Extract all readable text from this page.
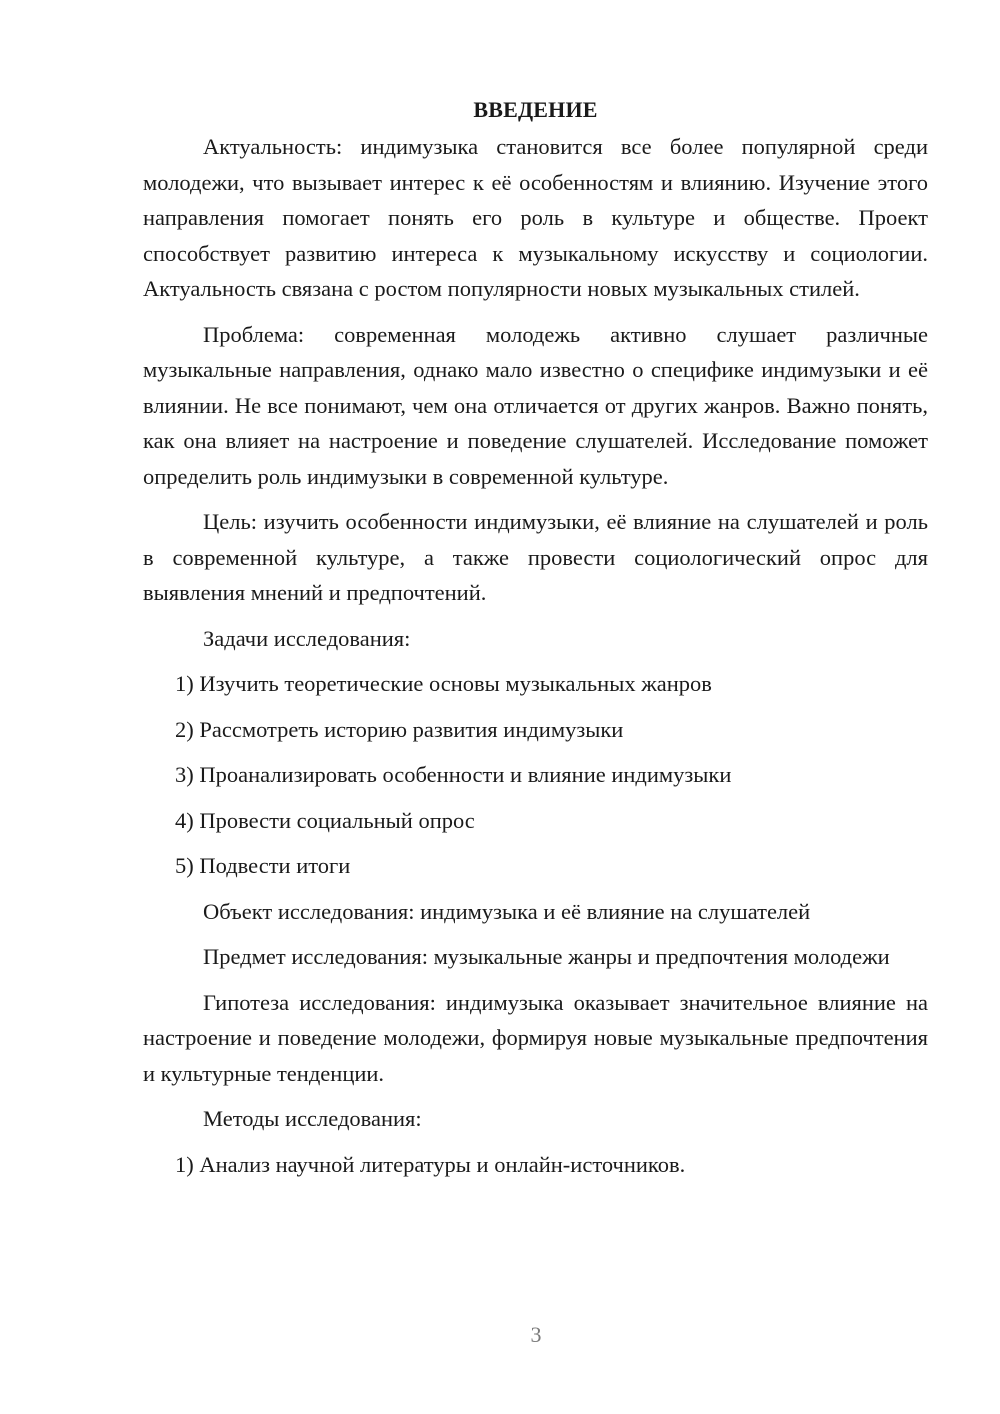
ВВЕДЕНИЕ

Актуальность: индимузыка становится все более популярной среди молодежи, что вызывает интерес к её особенностям и влиянию. Изучение этого направления помогает понять его роль в культуре и обществе. Проект способствует развитию интереса к музыкальному искусству и социологии. Актуальность связана с ростом популярности новых музыкальных стилей.

Проблема: современная молодежь активно слушает различные музыкальные направления, однако мало известно о специфике индимузыки и её влиянии. Не все понимают, чем она отличается от других жанров. Важно понять, как она влияет на настроение и поведение слушателей. Исследование поможет определить роль индимузыки в современной культуре.

Цель: изучить особенности индимузыки, её влияние на слушателей и роль в современной культуре, а также провести социологический опрос для выявления мнений и предпочтений.

Задачи исследования:

1) Изучить теоретические основы музыкальных жанров
2) Рассмотреть историю развития индимузыки
3) Проанализировать особенности и влияние индимузыки
4) Провести социальный опрос
5) Подвести итоги

Объект исследования: индимузыка и её влияние на слушателей

Предмет исследования: музыкальные жанры и предпочтения молодежи

Гипотеза исследования: индимузыка оказывает значительное влияние на настроение и поведение молодежи, формируя новые музыкальные предпочтения и культурные тенденции.

Методы исследования:

1) Анализ научной литературы и онлайн-источников.
3
